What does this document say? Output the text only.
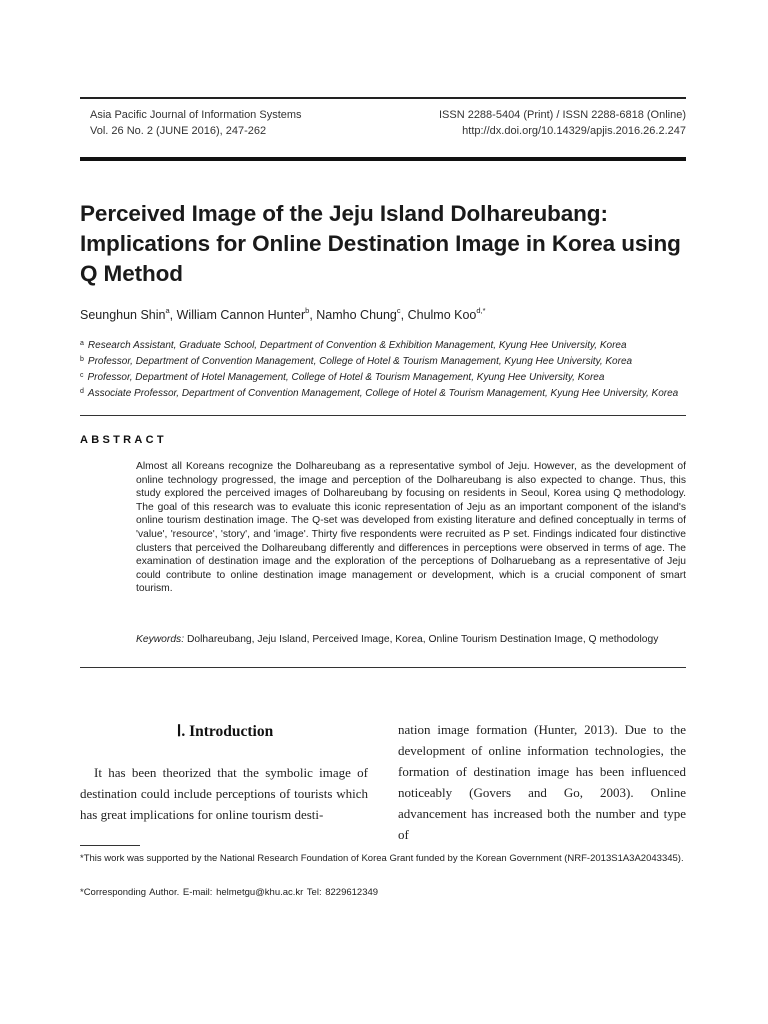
Asia Pacific Journal of Information Systems
Vol. 26 No. 2 (JUNE 2016), 247-262
ISSN 2288-5404 (Print) / ISSN 2288-6818 (Online)
http://dx.doi.org/10.14329/apjis.2016.26.2.247
Perceived Image of the Jeju Island Dolhareubang: Implications for Online Destination Image in Korea using Q Method
Seunghun Shin$^a$, William Cannon Hunter$^b$, Namho Chung$^c$, Chulmo Koo$^{d,*}$
$^a$ Research Assistant, Graduate School, Department of Convention & Exhibition Management, Kyung Hee University, Korea
$^b$ Professor, Department of Convention Management, College of Hotel & Tourism Management, Kyung Hee University, Korea
$^c$ Professor, Department of Hotel Management, College of Hotel & Tourism Management, Kyung Hee University, Korea
$^d$ Associate Professor, Department of Convention Management, College of Hotel & Tourism Management, Kyung Hee University, Korea
ABSTRACT

Almost all Koreans recognize the Dolhareubang as a representative symbol of Jeju. However, as the development of online technology progressed, the image and perception of the Dolhareubang is also expected to change. Thus, this study explored the perceived images of Dolhareubang by focusing on residents in Seoul, Korea using Q methodology. The goal of this research was to evaluate this iconic representation of Jeju as an important component of the island's online tourism destination image. The Q-set was developed from existing literature and defined conceptually in terms of 'value', 'resource', 'story', and 'image'. Thirty five respondents were recruited as P set. Findings indicated four distinctive clusters that perceived the Dolhareubang differently and differences in perceptions were observed in terms of age. The examination of destination image and the exploration of the perceptions of Dolharuebang as a representative of Jeju could contribute to online destination image management or development, which is a crucial component of smart tourism.

Keywords: Dolhareubang, Jeju Island, Perceived Image, Korea, Online Tourism Destination Image, Q methodology
Ⅰ. Introduction

It has been theorized that the symbolic image of destination could include perceptions of tourists which has great implications for online tourism desti-

nation image formation (Hunter, 2013). Due to the development of online information technologies, the formation of destination image has been influenced noticeably (Govers and Go, 2003). Online advancement has increased both the number and type of

*This work was supported by the National Research Foundation of Korea Grant funded by the Korean Government (NRF-2013S1A3A2043345).

*Corresponding Author. E-mail: helmetgu@khu.ac.kr Tel: 8229612349
